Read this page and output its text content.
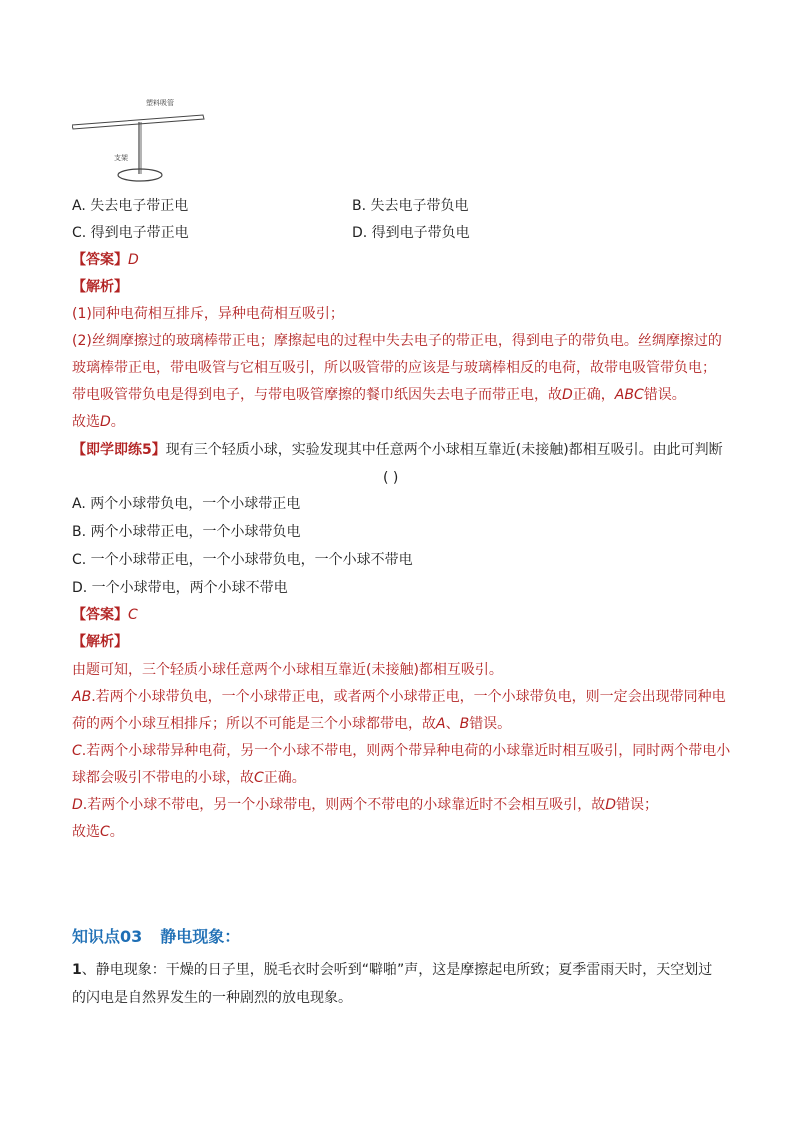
塑料吸管
支架
A. 失去电子带正电	B. 失去电子带负电
C. 得到电子带正电	D. 得到电子带负电
【答案】D
【解析】
(1)同种电荷相互排斥，异种电荷相互吸引；
(2)丝绸摩擦过的玻璃棒带正电；摩擦起电的过程中失去电子的带正电，得到电子的带负电。丝绸摩擦过的
玻璃棒带正电，带电吸管与它相互吸引，所以吸管带的应该是与玻璃棒相反的电荷，故带电吸管带负电；
带电吸管带负电是得到电子，与带电吸管摩擦的餐巾纸因失去电子而带正电，故D正确，ABC错误。
故选D。
【即学即练5】现有三个轻质小球，实验发现其中任意两个小球相互靠近(未接触)都相互吸引。由此可判断
( )
A. 两个小球带负电，一个小球带正电
B. 两个小球带正电，一个小球带负电
C. 一个小球带正电，一个小球带负电，一个小球不带电
D. 一个小球带电，两个小球不带电
【答案】C
【解析】
由题可知，三个轻质小球任意两个小球相互靠近(未接触)都相互吸引。
AB.若两个小球带负电，一个小球带正电，或者两个小球带正电，一个小球带负电，则一定会出现带同种电
荷的两个小球互相排斥；所以不可能是三个小球都带电，故A、B错误。
C.若两个小球带异种电荷，另一个小球不带电，则两个带异种电荷的小球靠近时相互吸引，同时两个带电小
球都会吸引不带电的小球，故C正确。
D.若两个小球不带电，另一个小球带电，则两个不带电的小球靠近时不会相互吸引，故D错误；
故选C。
知识点03 静电现象：
1、静电现象：干燥的日子里，脱毛衣时会听到“噼啪”声，这是摩擦起电所致；夏季雷雨天时，天空划过
的闪电是自然界发生的一种剧烈的放电现象。
